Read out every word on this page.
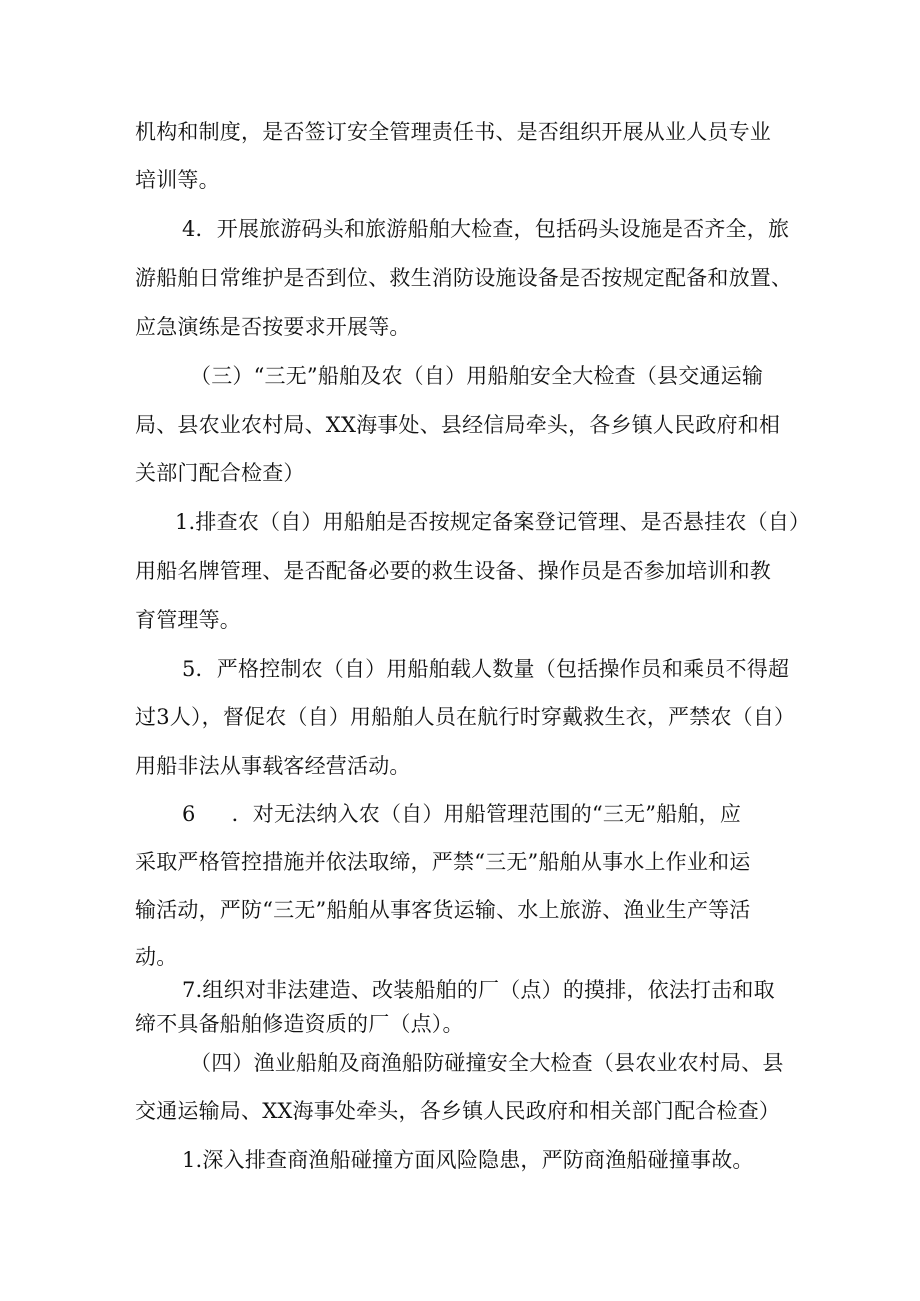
机构和制度，是否签订安全管理责任书、是否组织开展从业人员专业

培训等。

4．开展旅游码头和旅游船舶大检查，包括码头设施是否齐全，旅

游船舶日常维护是否到位、救生消防设施设备是否按规定配备和放置、

应急演练是否按要求开展等。

（三）“三无”船舶及农（自）用船舶安全大检查（县交通运输

局、县农业农村局、XX海事处、县经信局牵头，各乡镇人民政府和相

关部门配合检查）

1.排查农（自）用船舶是否按规定备案登记管理、是否悬挂农（自）

用船名牌管理、是否配备必要的救生设备、操作员是否参加培训和教

育管理等。

5．严格控制农（自）用船舶载人数量（包括操作员和乘员不得超

过3人），督促农（自）用船舶人员在航行时穿戴救生衣，严禁农（自）

用船非法从事载客经营活动。

6 ．对无法纳入农（自）用船管理范围的“三无”船舶，应

采取严格管控措施并依法取缔，严禁“三无”船舶从事水上作业和运

输活动，严防“三无”船舶从事客货运输、水上旅游、渔业生产等活

动。

7.组织对非法建造、改装船舶的厂（点）的摸排，依法打击和取

缔不具备船舶修造资质的厂（点）。

（四）渔业船舶及商渔船防碰撞安全大检查（县农业农村局、县

交通运输局、XX海事处牵头，各乡镇人民政府和相关部门配合检查）

1.深入排查商渔船碰撞方面风险隐患，严防商渔船碰撞事故。
